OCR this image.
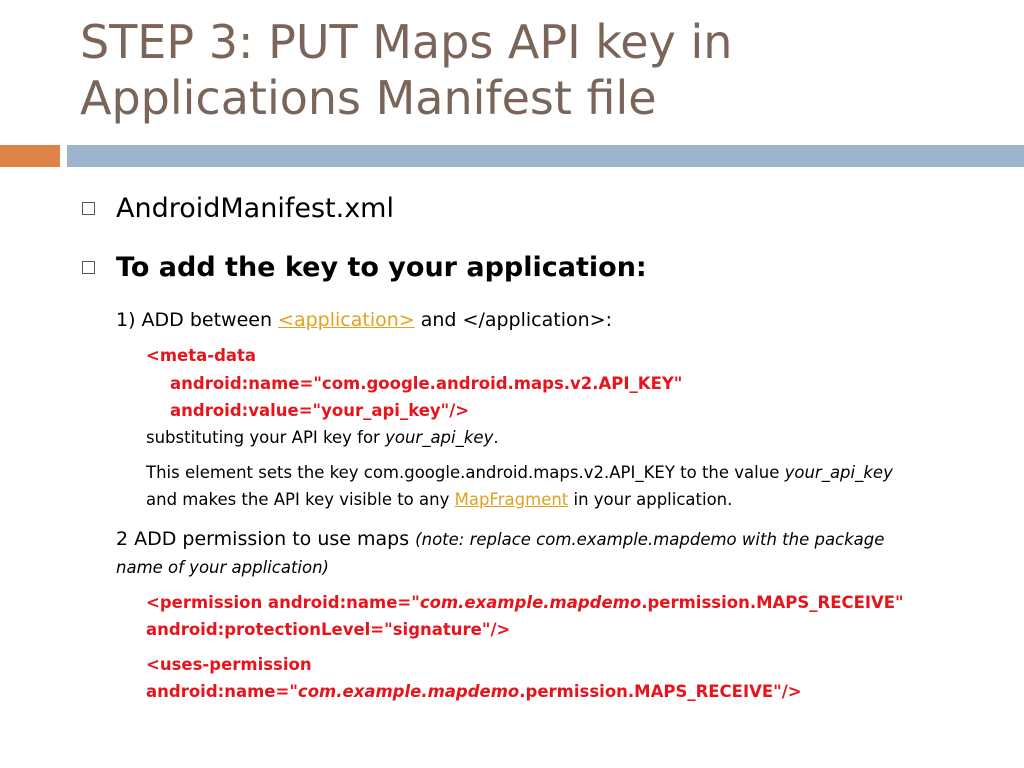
STEP 3: PUT Maps API key in
Applications Manifest file
AndroidManifest.xml
To add the key to your application:

1) ADD between <application> and </application>:

<meta-data

android:name="com.google.android.maps.v2.API_KEY"

android:value="your_api_key"/>

substituting your API key for your_api_key.

This element sets the key com.google.android.maps.v2.API_KEY to the value your_api_key

and makes the API key visible to any MapFragment in your application.

2 ADD permission to use maps (note: replace com.example.mapdemo with the package

name of your application)

<permission android:name="com.example.mapdemo.permission.MAPS_RECEIVE"

android:protectionLevel="signature"/>

<uses-permission

android:name="com.example.mapdemo.permission.MAPS_RECEIVE"/>
